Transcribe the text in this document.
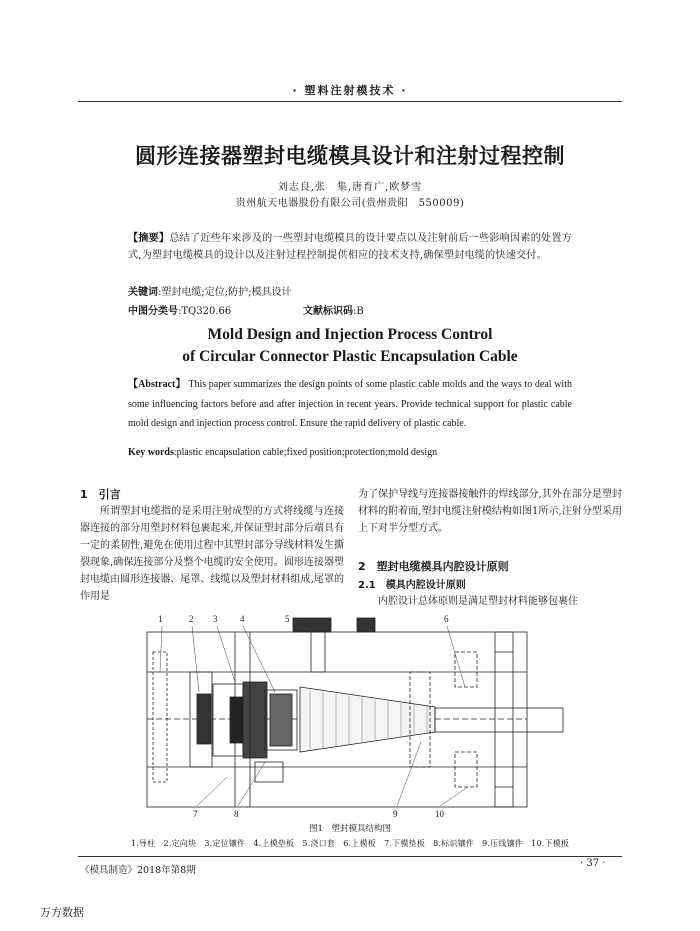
· 塑料注射模技术 ·
圆形连接器塑封电缆模具设计和注射过程控制
刘志良,张　集,唐育广,欧梦雪
贵州航天电器股份有限公司(贵州贵阳　550009)
【摘要】总结了近些年来涉及的一些塑封电缆模具的设计要点以及注射前后一些影响因素的处置方式,为塑封电缆模具的设计以及注射过程控制提供相应的技术支持,确保塑封电缆的快速交付。
关键词:塑封电缆;定位;防护;模具设计
中图分类号:TQ320.66	文献标识码:B
Mold Design and Injection Process Control
of Circular Connector Plastic Encapsulation Cable
【Abstract】 This paper summarizes the design points of some plastic cable molds and the ways to deal with some influencing factors before and after injection in recent years. Provide technical support for plastic cable mold design and injection process control. Ensure the rapid delivery of plastic cable.
Key words:plastic encapsulation cable;fixed position;protection;mold design
1　 引言
所谓塑封电缆指的是采用注射成型的方式将线缆与连接器连接的部分用塑封材料包裹起来,并保证塑封部分后端具有一定的柔韧性,避免在使用过程中其塑封部分导线材料发生撕裂现象,确保连接部分及整个电缆的安全使用。圆形连接器塑封电缆由圆形连接器、尾罩、线缆以及塑封材料组成,尾罩的作用是
为了保护导线与连接器接触件的焊线部分,其外在部分是塑封材料的附着面,塑封电缆注射模结构如图1所示,注射分型采用上下对半分型方式。
2　 塑封电缆模具内腔设计原则
2.1　 模具内腔设计原则
内腔设计总体原则是满足塑封材料能够包裹住
1	2 3	4	5	6
7	8	9	10
图1　塑封模具结构图
1.导柱　2.定向块　3.定位镶件　4.上模垫板　5.浇口套　6.上模板　7.下模垫板　8.标识镶件　9.压线镶件　10.下模板
《模具制造》2018年第8期
· 37 ·
万方数据
